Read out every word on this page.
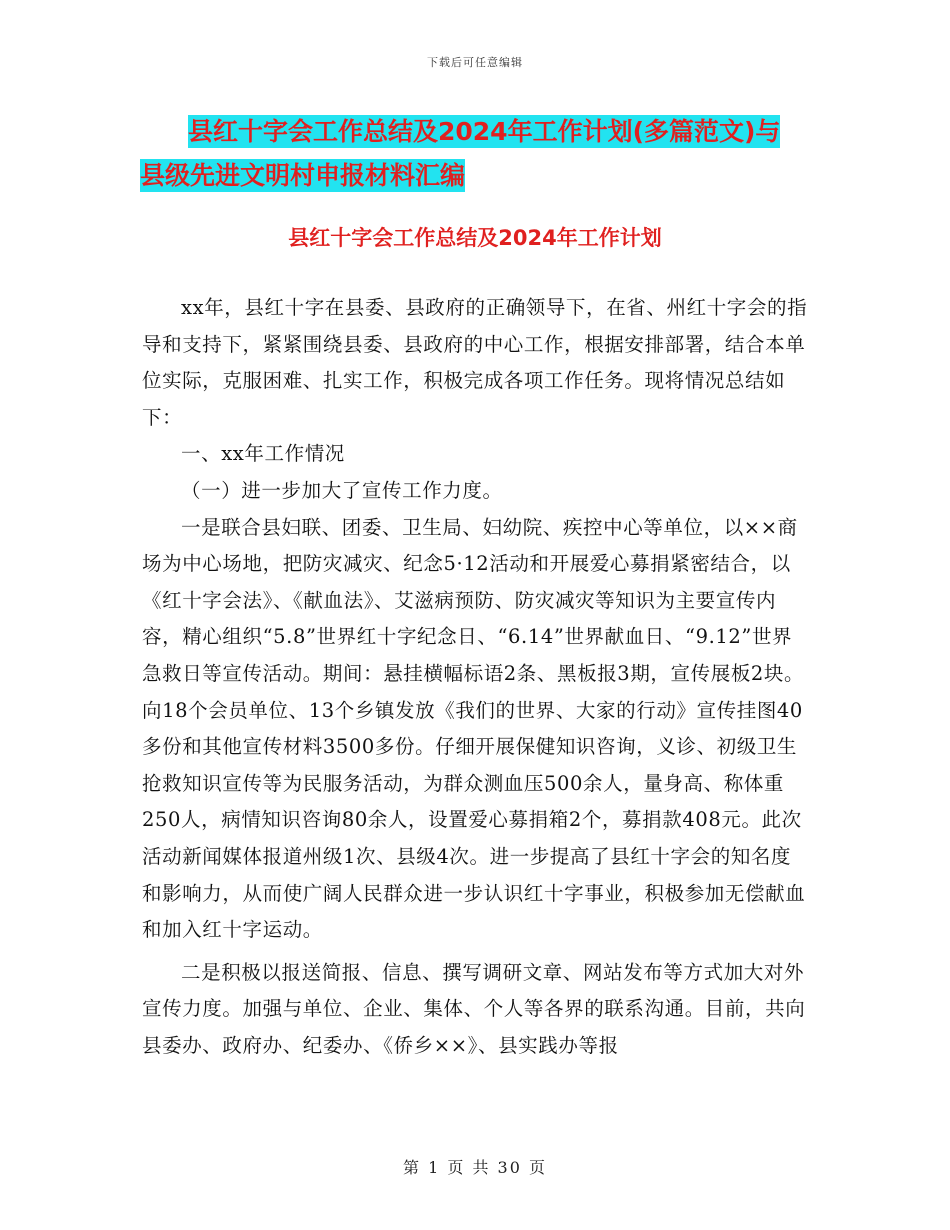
下载后可任意编辑
县红十字会工作总结及2024年工作计划(多篇范文)与
县级先进文明村申报材料汇编
县红十字会工作总结及2024年工作计划

xx年，县红十字在县委、县政府的正确领导下，在省、州红十字会的指导和支持下，紧紧围绕县委、县政府的中心工作，根据安排部署，结合本单位实际，克服困难、扎实工作，积极完成各项工作任务。现将情况总结如下：

一、xx年工作情况

（一）进一步加大了宣传工作力度。

一是联合县妇联、团委、卫生局、妇幼院、疾控中心等单位，以××商场为中心场地，把防灾减灾、纪念5·12活动和开展爱心募捐紧密结合，以《红十字会法》、《献血法》、艾滋病预防、防灾减灾等知识为主要宣传内容，精心组织“5.8”世界红十字纪念日、“6.14”世界献血日、“9.12”世界急救日等宣传活动。期间：悬挂横幅标语2条、黑板报3期，宣传展板2块。向18个会员单位、13个乡镇发放《我们的世界、大家的行动》宣传挂图40多份和其他宣传材料3500多份。仔细开展保健知识咨询，义诊、初级卫生抢救知识宣传等为民服务活动，为群众测血压500余人，量身高、称体重250人，病情知识咨询80余人，设置爱心募捐箱2个，募捐款408元。此次活动新闻媒体报道州级1次、县级4次。进一步提高了县红十字会的知名度和影响力，从而使广阔人民群众进一步认识红十字事业，积极参加无偿献血和加入红十字运动。

二是积极以报送简报、信息、撰写调研文章、网站发布等方式加大对外宣传力度。加强与单位、企业、集体、个人等各界的联系沟通。目前，共向县委办、政府办、纪委办、《侨乡××》、县实践办等报

第 1 页 共 30 页
